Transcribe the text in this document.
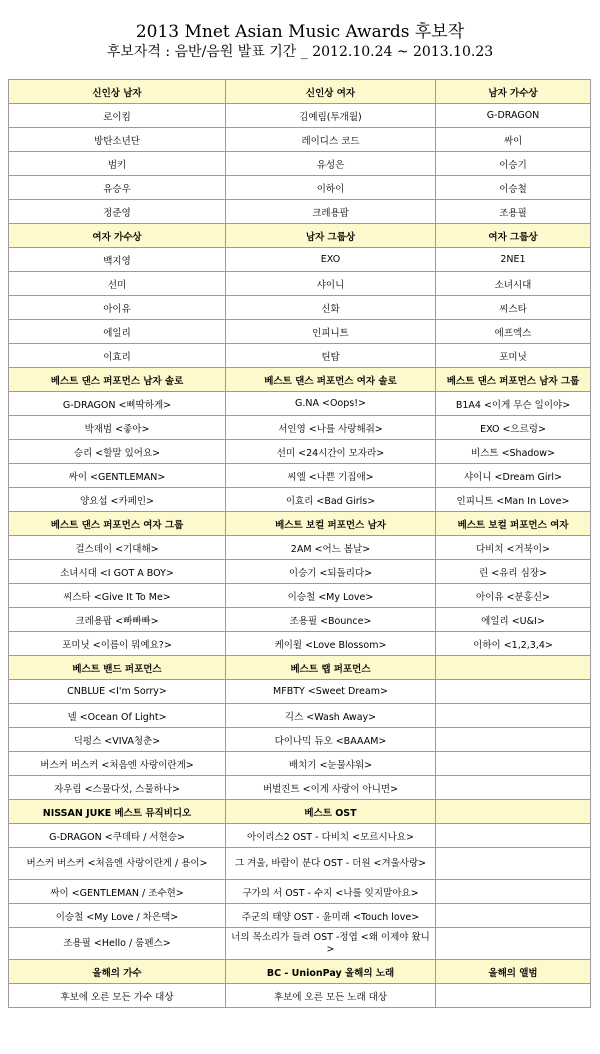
2013 Mnet Asian Music Awards 후보작
후보자격 : 음반/음원 발표 기간 _ 2012.10.24 ~ 2013.10.23
신인상 남자	신인상 여자	남자 가수상
로이킴	김예림(투개월)	G-DRAGON
방탄소년단	레이디스 코드	싸이
범키	유성은	이승기
유승우	이하이	이승철
정준영	크레용팝	조용필
여자 가수상	남자 그룹상	여자 그룹상
백지영	EXO	2NE1
선미	샤이니	소녀시대
아이유	신화	씨스타
에일리	인피니트	에프엑스
이효리	틴탑	포미닛
베스트 댄스 퍼포먼스 남자 솔로	베스트 댄스 퍼포먼스 여자 솔로	베스트 댄스 퍼포먼스 남자 그룹
G-DRAGON <삐딱하게>	G.NA <Oops!>	B1A4 <이게 무슨 일이야>
박재범 <좋아>	서인영 <나를 사랑해줘>	EXO <으르렁>
승리 <할말 있어요>	선미 <24시간이 모자라>	비스트 <Shadow>
싸이 <GENTLEMAN>	씨엘 <나쁜 기집애>	샤이니 <Dream Girl>
양요섭 <카페인>	이효리 <Bad Girls>	인피니트 <Man In Love>
베스트 댄스 퍼포먼스 여자 그룹	베스트 보컬 퍼포먼스 남자	베스트 보컬 퍼포먼스 여자
걸스데이 <기대해>	2AM <어느 봄날>	다비치 <거북이>
소녀시대 <I GOT A BOY>	이승기 <되돌리다>	린 <유리 심장>
씨스타 <Give It To Me>	이승철 <My Love>	아이유 <분홍신>
크레용팝 <빠빠빠>	조용필 <Bounce>	에일리 <U&I>
포미닛 <이름이 뭐예요?>	케이윌 <Love Blossom>	이하이 <1,2,3,4>
베스트 밴드 퍼포먼스	베스트 랩 퍼포먼스	
CNBLUE <I'm Sorry>	MFBTY <Sweet Dream>	
넬 <Ocean Of Light>	긱스 <Wash Away>	
딕펑스 <VIVA청춘>	다이나믹 듀오 <BAAAM>	
버스커 버스커 <처음엔 사랑이란게>	배치기 <눈물샤워>	
자우림 <스물다섯, 스물하나>	버벌진트 <이게 사랑이 아니면>	
NISSAN JUKE 베스트 뮤직비디오	베스트 OST	
G-DRAGON <쿠데타 / 서현승>	아이리스2 OST - 다비치 <모르시나요>	
버스커 버스커 <처음엔 사랑이란게 / 용이>	그 겨울, 바람이 분다 OST - 더원 <겨울사랑>	
싸이 <GENTLEMAN / 조수현>	구가의 서 OST - 수지 <나를 잊지말아요>	
이승철 <My Love / 차은택>	주군의 태양 OST - 윤미래 <Touch love>	
조용필 <Hello / 룸펜스>	너의 목소리가 들려 OST -정엽 <왜 이제야 왔니>	
올해의 가수	BC - UnionPay 올해의 노래	올해의 앨범
후보에 오른 모든 가수 대상	후보에 오른 모든 노래 대상	
